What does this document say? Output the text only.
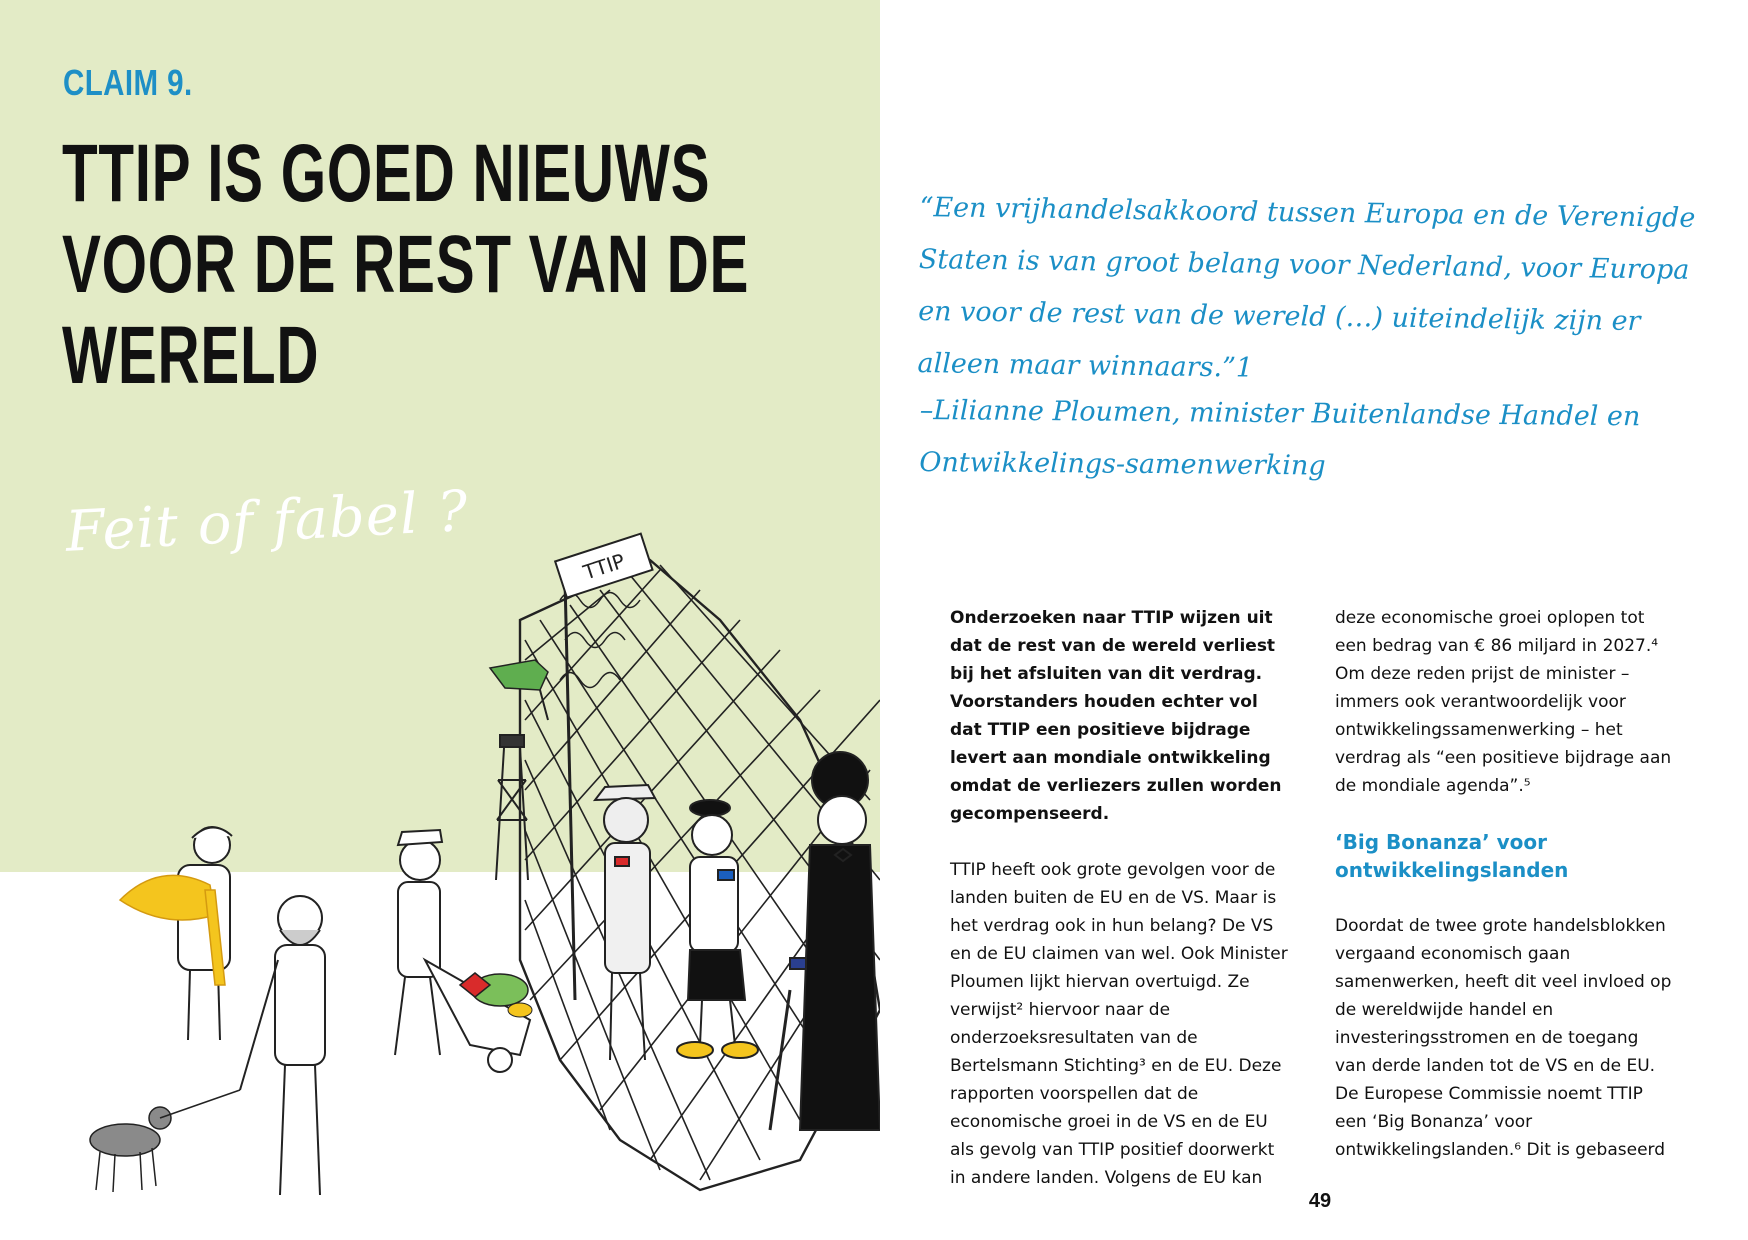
CLAIM 9.
TTIP IS GOED NIEUWS VOOR DE REST VAN DE WERELD
Feit of fabel ?
TTIP

“Een vrijhandelsakkoord tussen Europa en de Verenigde Staten is van groot belang voor Nederland, voor Europa en voor de rest van de wereld (…) uiteindelijk zijn er alleen maar winnaars.”1

–Lilianne Ploumen, minister Buitenlandse Handel en Ontwikkelings-samenwerking

Onderzoeken naar TTIP wijzen uit dat de rest van de wereld verliest bij het afsluiten van dit verdrag. Voorstanders houden echter vol dat TTIP een positieve bijdrage levert aan mondiale ontwikkeling omdat de verliezers zullen worden gecompenseerd.

TTIP heeft ook grote gevolgen voor de landen buiten de EU en de VS. Maar is het verdrag ook in hun belang? De VS en de EU claimen van wel. Ook Minister Ploumen lijkt hiervan overtuigd. Ze verwijst² hiervoor naar de onderzoeksresultaten van de Bertelsmann Stichting³ en de EU. Deze rapporten voorspellen dat de economische groei in de VS en de EU als gevolg van TTIP positief doorwerkt in andere landen. Volgens de EU kan

deze economische groei oplopen tot een bedrag van € 86 miljard in 2027.⁴ Om deze reden prijst de minister – immers ook verantwoordelijk voor ontwikkelingssamenwerking – het verdrag als “een positieve bijdrage aan de mondiale agenda”.⁵

‘Big Bonanza’ voor ontwikkelingslanden

Doordat de twee grote handelsblokken vergaand economisch gaan samenwerken, heeft dit veel invloed op de wereldwijde handel en investeringsstromen en de toegang van derde landen tot de VS en de EU. De Europese Commissie noemt TTIP een ‘Big Bonanza’ voor ontwikkelingslanden.⁶ Dit is gebaseerd

49
